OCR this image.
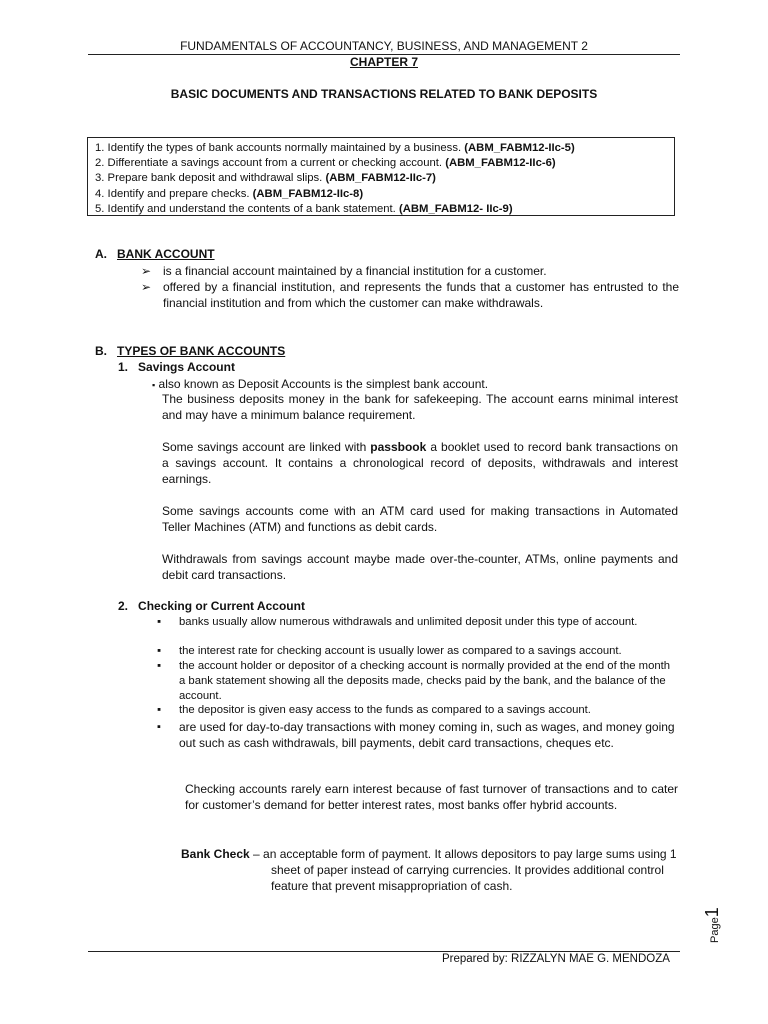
FUNDAMENTALS OF ACCOUNTANCY, BUSINESS, AND MANAGEMENT 2
CHAPTER 7
BASIC DOCUMENTS AND TRANSACTIONS RELATED TO BANK DEPOSITS
1. Identify the types of bank accounts normally maintained by a business. (ABM_FABM12-IIc-5)
2. Differentiate a savings account from a current or checking account. (ABM_FABM12-IIc-6)
3. Prepare bank deposit and withdrawal slips. (ABM_FABM12-IIc-7)
4. Identify and prepare checks. (ABM_FABM12-IIc-8)
5. Identify and understand the contents of a bank statement. (ABM_FABM12- IIc-9)
A. BANK ACCOUNT
➢ is a financial account maintained by a financial institution for a customer.
➢ offered by a financial institution, and represents the funds that a customer has entrusted to the financial institution and from which the customer can make withdrawals.
B. TYPES OF BANK ACCOUNTS
1. Savings Account
▪ also known as Deposit Accounts is the simplest bank account.
The business deposits money in the bank for safekeeping. The account earns minimal interest and may have a minimum balance requirement.
Some savings account are linked with passbook a booklet used to record bank transactions on a savings account. It contains a chronological record of deposits, withdrawals and interest earnings.
Some savings accounts come with an ATM card used for making transactions in Automated Teller Machines (ATM) and functions as debit cards.
Withdrawals from savings account maybe made over-the-counter, ATMs, online payments and debit card transactions.
2. Checking or Current Account
▪ banks usually allow numerous withdrawals and unlimited deposit under this type of account.
▪ the interest rate for checking account is usually lower as compared to a savings account.
▪ the account holder or depositor of a checking account is normally provided at the end of the month a bank statement showing all the deposits made, checks paid by the bank, and the balance of the account.
▪ the depositor is given easy access to the funds as compared to a savings account.
▪ are used for day-to-day transactions with money coming in, such as wages, and money going out such as cash withdrawals, bill payments, debit card transactions, cheques etc.
Checking accounts rarely earn interest because of fast turnover of transactions and to cater for customer’s demand for better interest rates, most banks offer hybrid accounts.
Bank Check – an acceptable form of payment. It allows depositors to pay large sums using 1 sheet of paper instead of carrying currencies. It provides additional control feature that prevent misappropriation of cash.
Page1
Prepared by: RIZZALYN MAE G. MENDOZA
